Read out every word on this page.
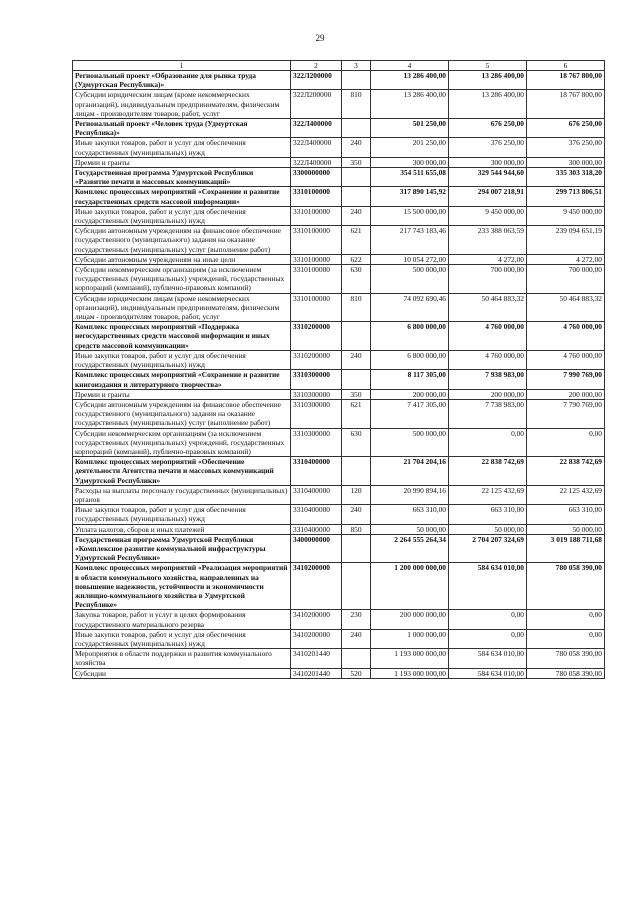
29
1	2	3	4	5	6
Региональный проект «Образование для рынка труда (Удмуртская Республика)»	322Л200000		13 286 400,00	13 286 400,00	18 767 800,00
Субсидии юридическим лицам (кроме некоммерческих организаций), индивидуальным предпринимателям, физическим лицам - производителям товаров, работ, услуг	322Л200000	810	13 286 400,00	13 286 400,00	18 767 800,00
Региональный проект «Человек труда (Удмуртская Республика)»	322Л400000		501 250,00	676 250,00	676 250,00
Иные закупки товаров, работ и услуг для обеспечения государственных (муниципальных) нужд	322Л400000	240	201 250,00	376 250,00	376 250,00
Премии и гранты	322Л400000	350	300 000,00	300 000,00	300 000,00
Государственная программа Удмуртской Республики «Развитие печати и массовых коммуникаций»	3300000000		354 511 655,08	329 544 944,60	335 303 318,20
Комплекс процессных мероприятий «Сохранение и развитие государственных средств массовой информации»	3310100000		317 890 145,92	294 007 218,91	299 713 806,51
Иные закупки товаров, работ и услуг для обеспечения государственных (муниципальных) нужд	3310100000	240	15 500 000,00	9 450 000,00	9 450 000,00
Субсидии автономным учреждениям на финансовое обеспечение государственного (муниципального) задания на оказание государственных (муниципальных) услуг (выполнение работ)	3310100000	621	217 743 183,46	233 388 063,59	239 094 651,19
Субсидии автономным учреждениям на иные цели	3310100000	622	10 054 272,00	4 272,00	4 272,00
Субсидии некоммерческим организациям (за исключением государственных (муниципальных) учреждений, государственных корпораций (компаний), публично-правовых компаний)	3310100000	630	500 000,00	700 000,00	700 000,00
Субсидии юридическим лицам (кроме некоммерческих организаций), индивидуальным предпринимателям, физическим лицам - производителям товаров, работ, услуг	3310100000	810	74 092 690,46	50 464 883,32	50 464 883,32
Комплекс процессных мероприятий «Поддержка негосударственных средств массовой информации и иных средств массовой коммуникации»	3310200000		6 800 000,00	4 760 000,00	4 760 000,00
Иные закупки товаров, работ и услуг для обеспечения государственных (муниципальных) нужд	3310200000	240	6 800 000,00	4 760 000,00	4 760 000,00
Комплекс процессных мероприятий «Сохранение и развитие книгоиздания и литературного творчества»	3310300000		8 117 305,00	7 938 983,00	7 990 769,00
Премии и гранты	3310300000	350	200 000,00	200 000,00	200 000,00
Субсидии автономным учреждениям на финансовое обеспечение государственного (муниципального) задания на оказание государственных (муниципальных) услуг (выполнение работ)	3310300000	621	7 417 305,00	7 738 983,00	7 790 769,00
Субсидии некоммерческим организациям (за исключением государственных (муниципальных) учреждений, государственных корпораций (компаний), публично-правовых компаний)	3310300000	630	500 000,00	0,00	0,00
Комплекс процессных мероприятий «Обеспечение деятельности Агентства печати и массовых коммуникаций Удмуртской Республики»	3310400000		21 704 204,16	22 838 742,69	22 838 742,69
Расходы на выплаты персоналу государственных (муниципальных) органов	3310400000	120	20 990 894,16	22 125 432,69	22 125 432,69
Иные закупки товаров, работ и услуг для обеспечения государственных (муниципальных) нужд	3310400000	240	663 310,00	663 310,00	663 310,00
Уплата налогов, сборов и иных платежей	3310400000	850	50 000,00	50 000,00	50 000,00
Государственная программа Удмуртской Республики «Комплексное развитие коммунальной инфраструктуры Удмуртской Республики»	3400000000		2 264 555 264,34	2 704 207 324,69	3 019 188 711,68
Комплекс процессных мероприятий «Реализация мероприятий в области коммунального хозяйства, направленных на повышение надежности, устойчивости и экономичности жилищно-коммунального хозяйства в Удмуртской Республике»	3410200000		1 200 000 000,00	584 634 010,00	780 058 390,00
Закупка товаров, работ и услуг в целях формирования государственного материального резерва	3410200000	230	200 000 000,00	0,00	0,00
Иные закупки товаров, работ и услуг для обеспечения государственных (муниципальных) нужд	3410200000	240	1 000 000,00	0,00	0,00
Мероприятия в области поддержки и развития коммунального хозяйства	3410201440		1 193 000 000,00	584 634 010,00	780 058 390,00
Субсидии	3410201440	520	1 193 000 000,00	584 634 010,00	780 058 390,00
